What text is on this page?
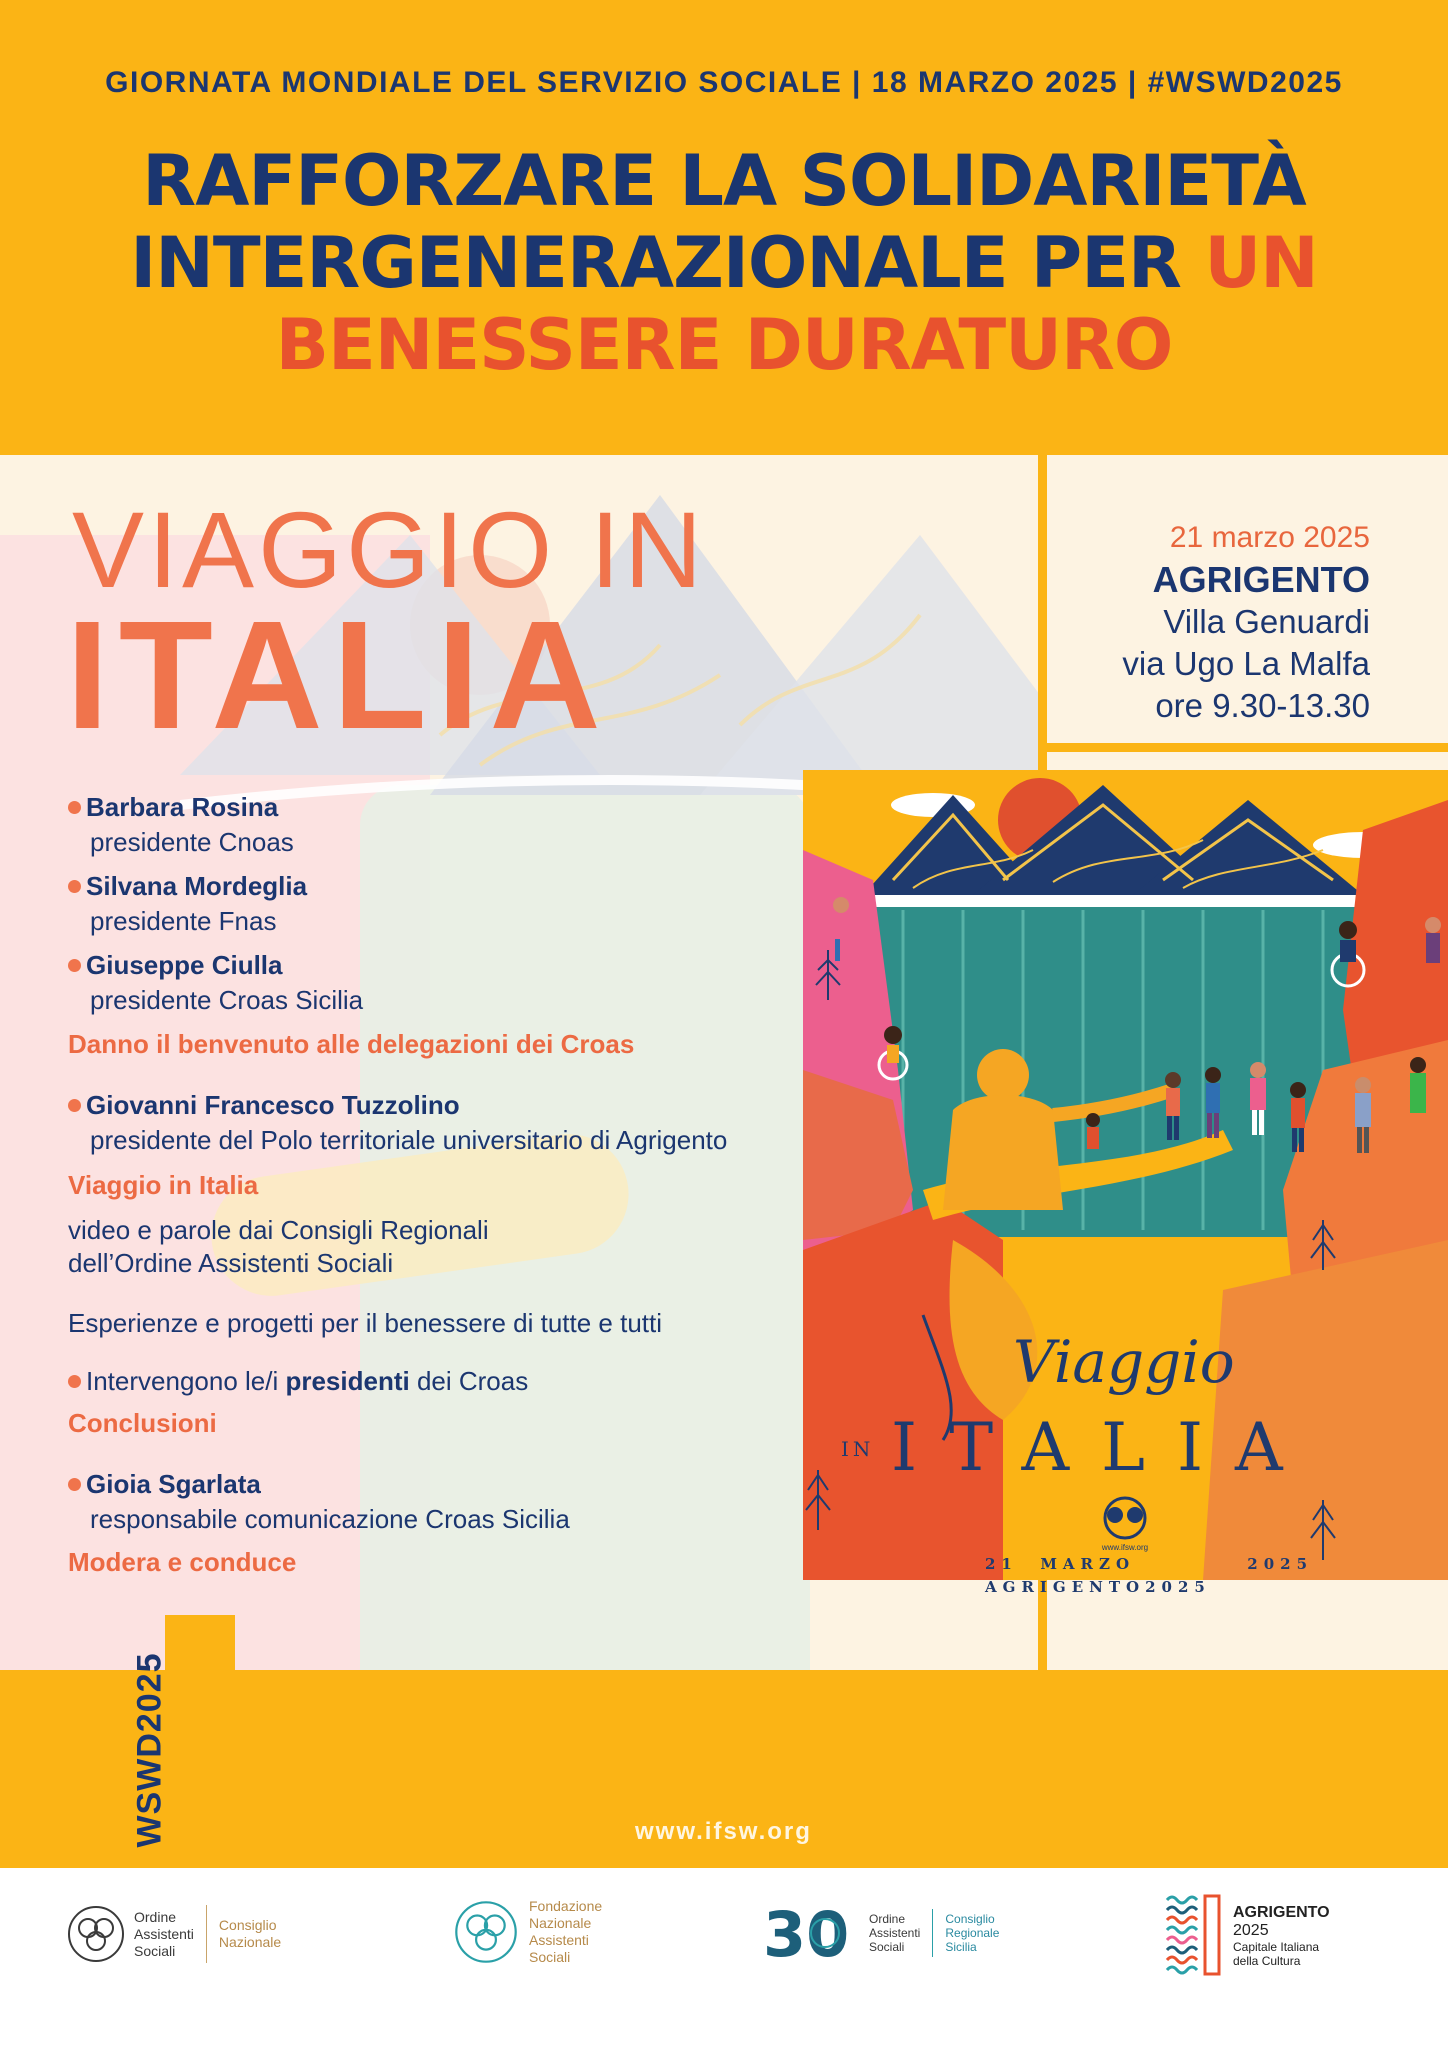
GIORNATA MONDIALE DEL SERVIZIO SOCIALE | 18 MARZO 2025 | #WSWD2025
RAFFORZARE LA SOLIDARIETÀ
INTERGENERAZIONALE PER UN
BENESSERE DURATURO
VIAGGIO IN
ITALIA
21 marzo 2025
AGRIGENTO
Villa Genuardi
via Ugo La Malfa
ore 9.30-13.30
Barbara Rosina
presidente Cnoas
Silvana Mordeglia
presidente Fnas
Giuseppe Ciulla
presidente Croas Sicilia
Danno il benvenuto alle delegazioni dei Croas
Giovanni Francesco Tuzzolino
presidente del Polo territoriale universitario di Agrigento
Viaggio in Italia
video e parole dai Consigli Regionali
dell’Ordine Assistenti Sociali
Esperienze e progetti per il benessere di tutte e tutti
Intervengono le/i presidenti dei Croas
Conclusioni
Gioia Sgarlata
responsabile comunicazione Croas Sicilia
Modera e conduce
Viaggio
IN ITALIA
www.ifsw.org
21  MARZO          2025
AGRIGENTO2025
WSWD2025	www.ifsw.org
Ordine
Assistenti
Sociali
Consiglio
Nazionale
Fondazione
Nazionale
Assistenti
Sociali	30 Ordine
Assistenti
Sociali
Consiglio
Regionale
Sicilia
AGRIGENTO
2025
Capitale Italiana
della Cultura
